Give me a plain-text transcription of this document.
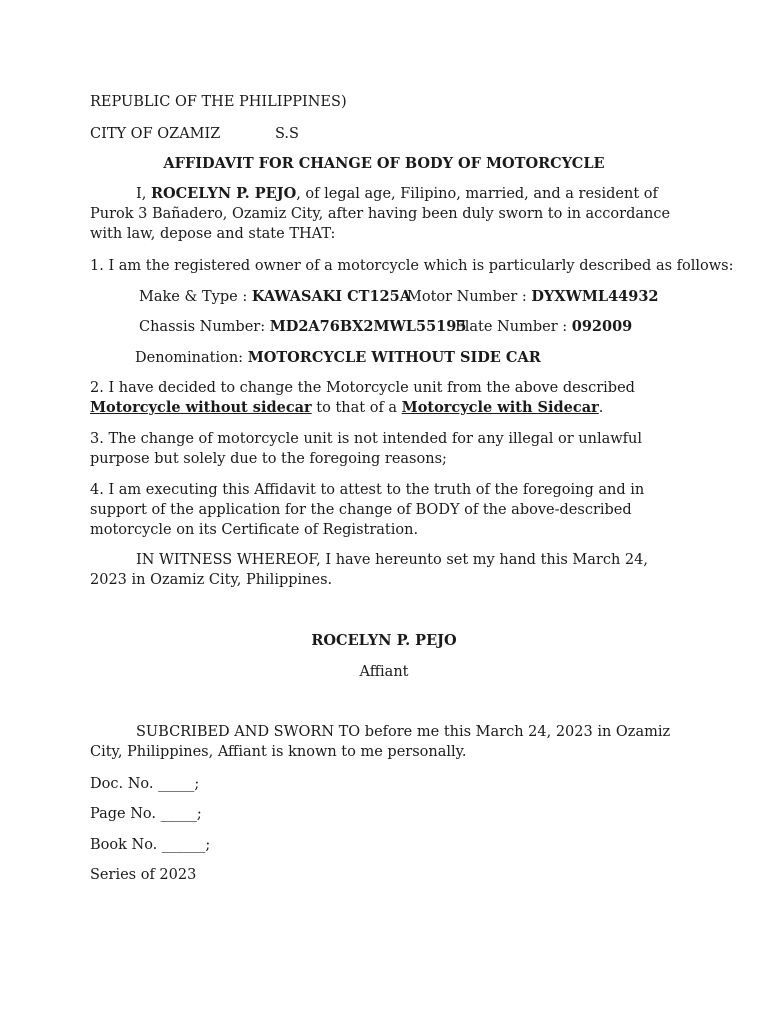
REPUBLIC OF THE PHILIPPINES)
CITY OF OZAMIZ	S.S
AFFIDAVIT FOR CHANGE OF BODY OF MOTORCYCLE
I, ROCELYN P. PEJO, of legal age, Filipino, married, and a resident of Purok 3 Bañadero, Ozamiz City, after having been duly sworn to in accordance with law, depose and state THAT:
1. I am the registered owner of a motorcycle which is particularly described as follows:
Make & Type : KAWASAKI CT125A
Motor Number : DYXWML44932
Chassis Number: MD2A76BX2MWL55195
Plate Number : 092009
Denomination: MOTORCYCLE WITHOUT SIDE CAR
2. I have decided to change the Motorcycle unit from the above described Motorcycle without sidecar to that of a Motorcycle with Sidecar.
3. The change of motorcycle unit is not intended for any illegal or unlawful purpose but solely due to the foregoing reasons;
4. I am executing this Affidavit to attest to the truth of the foregoing and in support of the application for the change of BODY of the above-described motorcycle on its Certificate of Registration.
IN WITNESS WHEREOF, I have hereunto set my hand this March 24, 2023 in Ozamiz City, Philippines.
ROCELYN P. PEJO
Affiant
SUBCRIBED AND SWORN TO before me this March 24, 2023 in Ozamiz City, Philippines, Affiant is known to me personally.
Doc. No. _____;
Page No. _____;
Book No. ______;
Series of 2023
